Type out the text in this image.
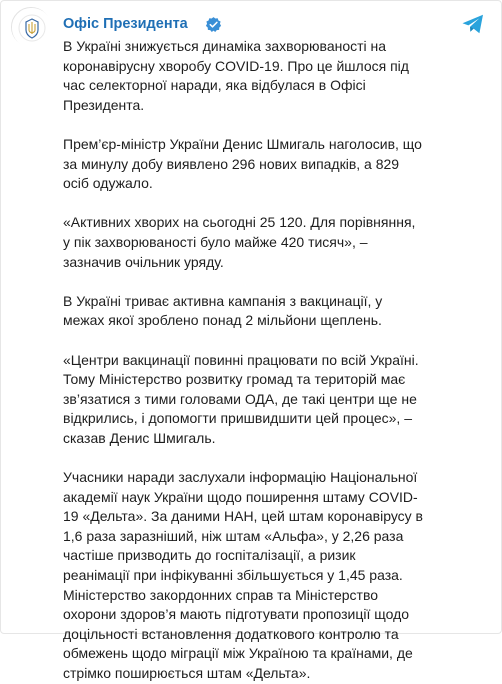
Офіс Президента

В Україні знижується динаміка захворюваності на
коронавірусну хворобу COVID-19. Про це йшлося під
час селекторної наради, яка відбулася в Офісі
Президента.

Прем’єр-міністр України Денис Шмигаль наголосив, що
за минулу добу виявлено 296 нових випадків, а 829
осіб одужало.

«Активних хворих на сьогодні 25 120. Для порівняння,
у пік захворюваності було майже 420 тисяч», –
зазначив очільник уряду.

В Україні триває активна кампанія з вакцинації, у
межах якої зроблено понад 2 мільйони щеплень.

«Центри вакцинації повинні працювати по всій Україні.
Тому Міністерство розвитку громад та територій має
зв’язатися з тими головами ОДА, де такі центри ще не
відкрились, і допомогти пришвидшити цей процес», –
сказав Денис Шмигаль.

Учасники наради заслухали інформацію Національної
академії наук України щодо поширення штаму COVID-
19 «Дельта». За даними НАН, цей штам коронавірусу в
1,6 раза заразніший, ніж штам «Альфа», у 2,26 раза
частіше призводить до госпіталізації, а ризик
реанімації при інфікуванні збільшується у 1,45 раза.
Міністерство закордонних справ та Міністерство
охорони здоров’я мають підготувати пропозиції щодо
доцільності встановлення додаткового контролю та
обмежень щодо міграції між Україною та країнами, де
стрімко поширюється штам «Дельта».
